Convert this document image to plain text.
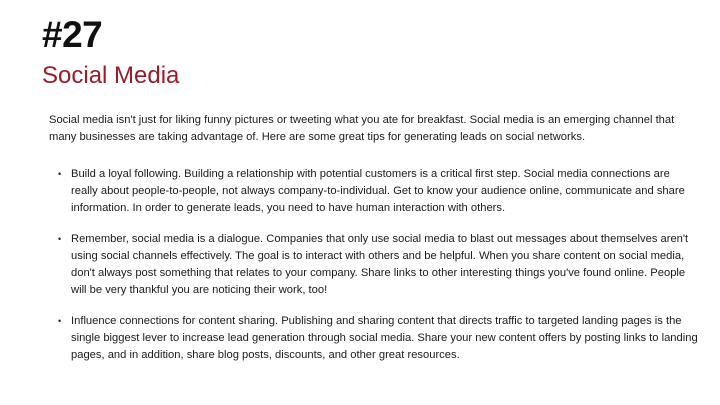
#27
Social Media
Social media isn't just for liking funny pictures or tweeting what you ate for breakfast. Social media is an emerging channel that many businesses are taking advantage of. Here are some great tips for generating leads on social networks.
• Build a loyal following. Building a relationship with potential customers is a critical first step. Social media connections are really about people-to-people, not always company-to-individual. Get to know your audience online, communicate and share information. In order to generate leads, you need to have human interaction with others.
• Remember, social media is a dialogue. Companies that only use social media to blast out messages about themselves aren't using social channels effectively. The goal is to interact with others and be helpful. When you share content on social media, don't always post something that relates to your company. Share links to other interesting things you've found online. People will be very thankful you are noticing their work, too!
• Influence connections for content sharing. Publishing and sharing content that directs traffic to targeted landing pages is the single biggest lever to increase lead generation through social media. Share your new content offers by posting links to landing pages, and in addition, share blog posts, discounts, and other great resources.
